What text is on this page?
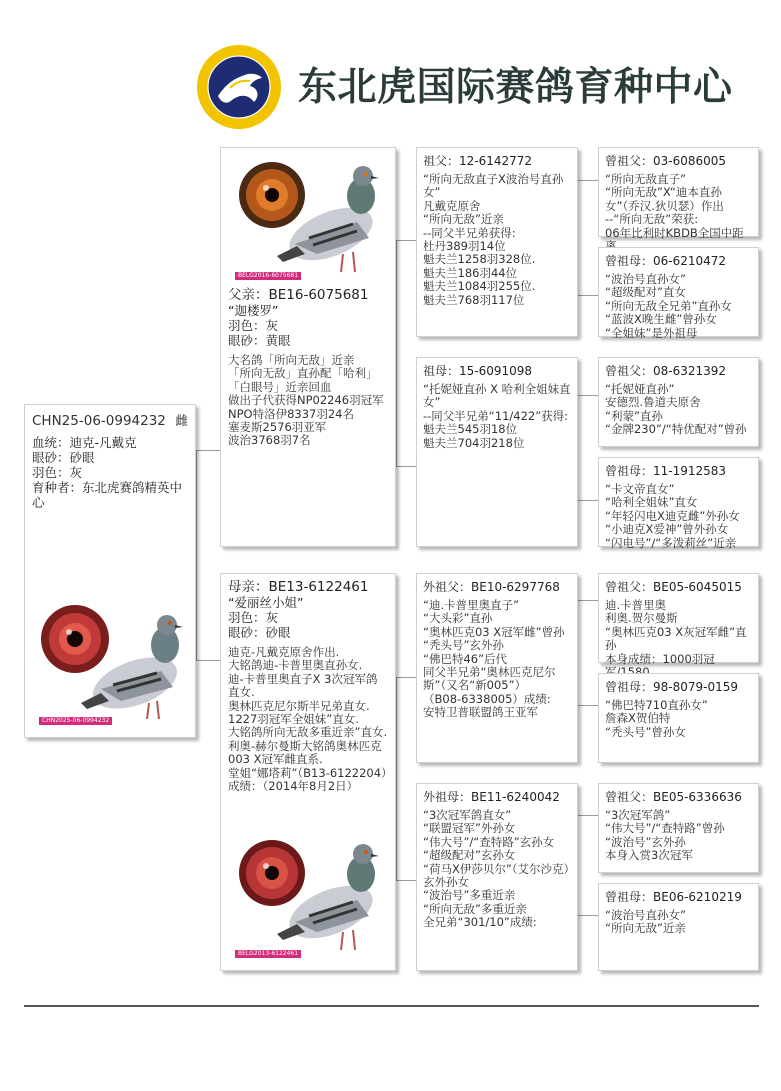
东北虎国际赛鸽育种中心
CHN25-06-0994232 雌
血统：迪克-凡戴克
眼砂：砂眼
羽色：灰
育种者：东北虎赛鸽精英中心
CHN2025-06-0994232
BELG2016-6075681
父亲：BE16-6075681
“迦楼罗”
羽色：灰
眼砂：黄眼
大名鸽「所向无敌」近亲
「所向无敌」直孙配「哈利」
「白眼号」近亲回血
做出子代获得NP02246羽冠军
NPO特洛伊8337羽24名
塞麦斯2576羽亚军
波治3768羽7名
母亲：BE13-6122461
“爱丽丝小姐”
羽色：灰
眼砂：砂眼
迪克-凡戴克原舍作出.
大铭鸽迪-卡普里奥直孙女.
迪-卡普里奥直子X 3次冠军鸽直女.
奥林匹克尼尔斯半兄弟直女.
1227羽冠军全姐妹”直女.
大铭鸽所向无敌多重近亲”直女.
利奥-赫尔曼斯大铭鸽奥林匹克003 X冠军雌直系.
堂姐“娜塔莉”（B13-6122204）成绩：（2014年8月2日）
BELG2013-6122461
祖父：12-6142772
“所向无敌直子X波治号直孙女”
凡戴克原舍
“所向无敌”近亲
--同父半兄弟获得:
杜丹389羽14位
魁夫兰1258羽328位.
魁夫兰186羽44位
魁夫兰1084羽255位.
魁夫兰768羽117位
祖母：15-6091098
“托妮娅直孙 X 哈利全姐妹直女”
--同父半兄弟“11/422”获得:
魁夫兰545羽18位
魁夫兰704羽218位
外祖父：BE10-6297768
“迪.卡普里奥直子”
“大头彩”直孙
“奥林匹克03 X冠军雌”曾孙
“秃头号”玄外孙
“佛巴特46”后代
同父半兄弟“奥林匹克尼尔斯”（又名“新005”）
（B08-6338005）成绩:
安特卫普联盟鸽王亚军
外祖母：BE11-6240042
“3次冠军鸽直女”
“联盟冠军”外孙女
“伟大号”/“查特路”玄孙女
“超级配对”玄孙女
“荷马X伊莎贝尔”（艾尔沙克）玄外孙女
“波治号”多重近亲
“所向无敌”多重近亲
全兄弟“301/10”成绩:
曾祖父：03-6086005
“所向无敌直子”
“所向无敌”X“迪本直孙女”（乔汉.狄贝瑟）作出
--“所向无敌”荣获:
06年比利时KBDB全国中距
曾祖母：06-6210472
“波治号直孙女”
“超级配对”直女
“所向无敌全兄弟”直孙女
“蓝波X晚生雌”曾孙女
“全姐妹”是外祖母
曾祖父：08-6321392
“托妮娅直孙”
安德烈.鲁道夫原舍
“利蒙”直孙
“金牌230”/“特优配对”曾孙
曾祖母：11-1912583
“卡文帝直女”
“哈利全姐妹”直女
“年轻闪电X迪克雌”外孙女
“小迪克X爱神”曾外孙女
“闪电号”/“多泼莉丝”近亲
曾祖父：BE05-6045015
迪.卡普里奥
利奥.贺尔曼斯
“奥林匹克03 X灰冠军雌”直孙
本身成绩：1000羽冠
曾祖母：98-8079-0159
“佛巴特710直孙女”
詹森X贺伯特
“秃头号”曾孙女
曾祖父：BE05-6336636
“3次冠军鸽”
“伟大号”/“查特路”曾孙
“波治号”玄外孙
本身入赏3次冠军
曾祖母：BE06-6210219
“波治号直孙女”
“所向无敌”近亲
